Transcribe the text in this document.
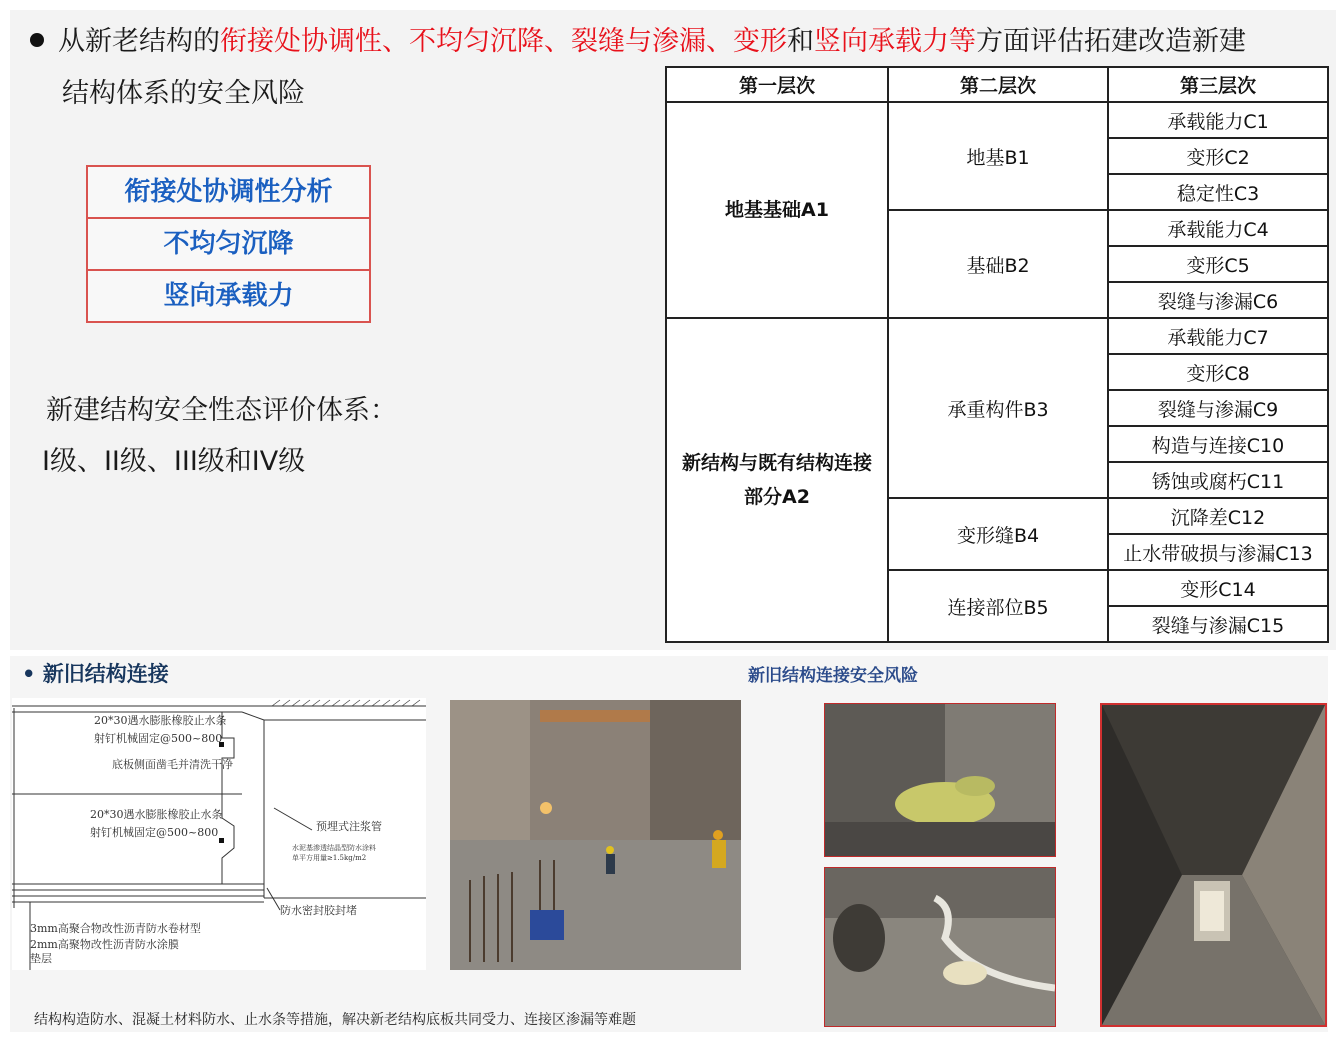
从新老结构的衔接处协调性、不均匀沉降、裂缝与渗漏、变形和竖向承载力等方面评估拓建改造新建
结构体系的安全风险
衔接处协调性分析
不均匀沉降
竖向承载力
新建结构安全性态评价体系：
I级、II级、III级和IV级
第一层次	第二层次	第三层次
地基基础A1	地基B1	承载能力C1
		变形C2
		稳定性C3
	基础B2	承载能力C4
		变形C5
		裂缝与渗漏C6
新结构与既有结构连接
部分A2	承重构件B3	承载能力C7
		变形C8
		裂缝与渗漏C9
		构造与连接C10
		锈蚀或腐朽C11
	变形缝B4	沉降差C12
		止水带破损与渗漏C13
	连接部位B5	变形C14
		裂缝与渗漏C15
• 新旧结构连接	新旧结构连接安全风险
20*30遇水膨胀橡胶止水条
射钉机械固定@500~800
底板侧面凿毛并清洗干净
20*30遇水膨胀橡胶止水条
射钉机械固定@500~800	预埋式注浆管
水泥基渗透结晶型防水涂料
单平方用量≥1.5kg/m2
防水密封胶封堵
3mm高聚合物改性沥青防水卷材型
2mm高聚物改性沥青防水涂膜
垫层
结构构造防水、混凝土材料防水、止水条等措施，解决新老结构底板共同受力、连接区渗漏等难题
